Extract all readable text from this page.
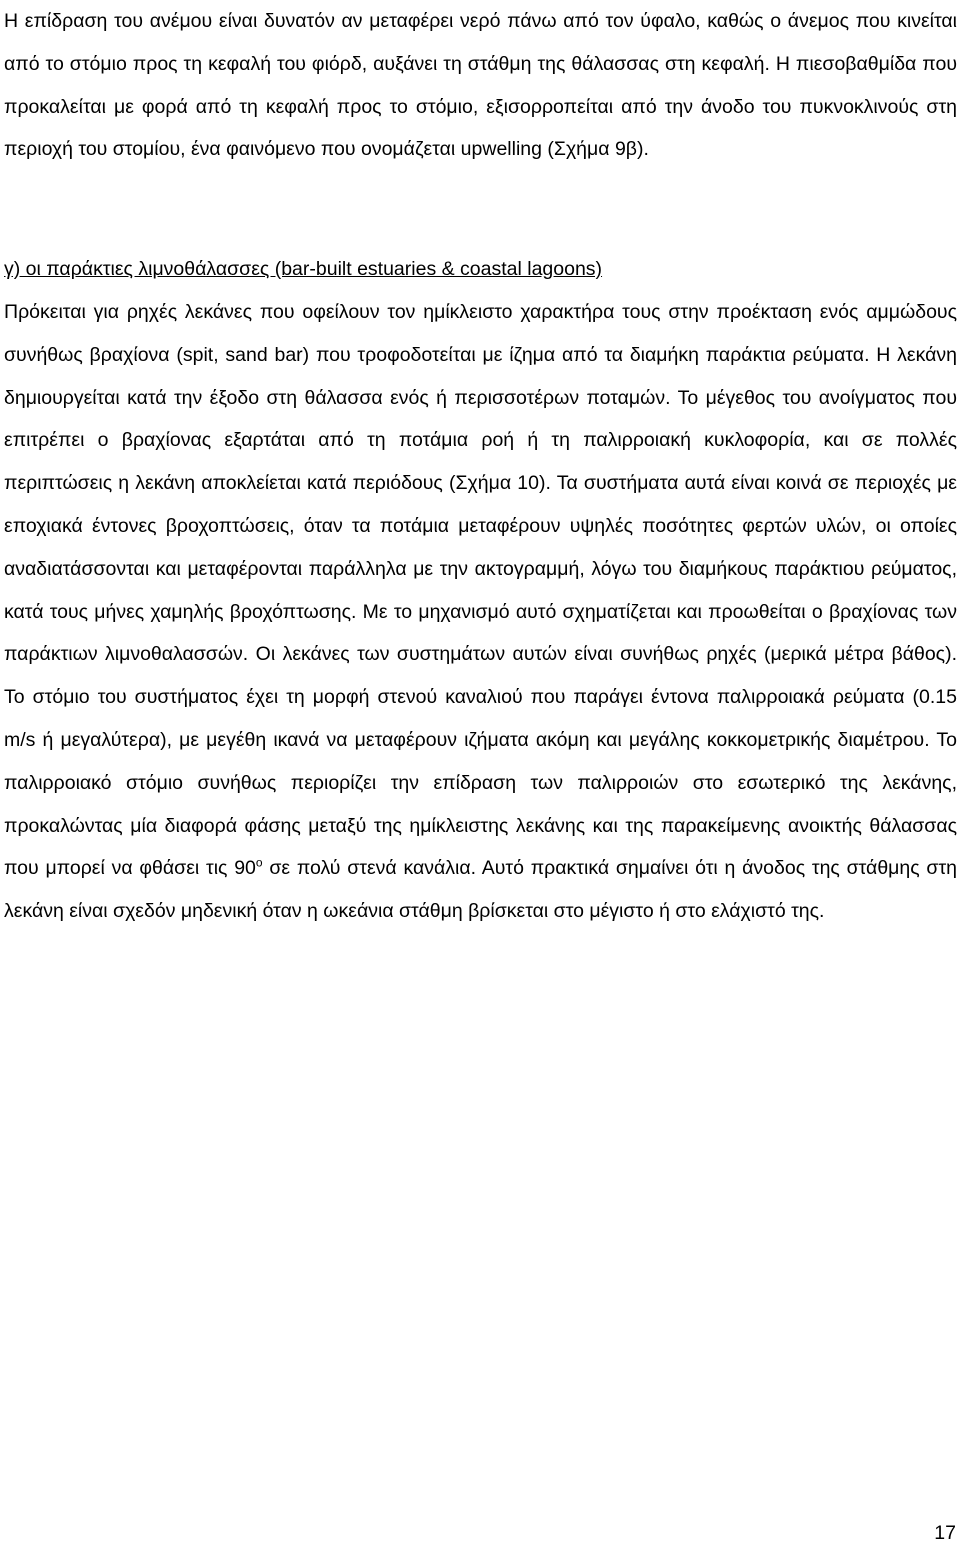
Η επίδραση του ανέμου είναι δυνατόν αν μεταφέρει νερό πάνω από τον ύφαλο, καθώς ο άνεμος που κινείται από το στόμιο προς τη κεφαλή του φιόρδ, αυξάνει τη στάθμη της θάλασσας στη κεφαλή. Η πιεσοβαθμίδα που προκαλείται με φορά από τη κεφαλή προς το στόμιο, εξισορροπείται από την άνοδο του πυκνοκλινούς στη περιοχή του στομίου, ένα φαινόμενο που ονομάζεται upwelling (Σχήμα 9β).

γ) οι παράκτιες λιμνοθάλασσες (bar-built estuaries & coastal lagoons)

Πρόκειται για ρηχές λεκάνες που οφείλουν τον ημίκλειστο χαρακτήρα τους στην προέκταση ενός αμμώδους συνήθως βραχίονα (spit, sand bar) που τροφοδοτείται με ίζημα από τα διαμήκη παράκτια ρεύματα. Η λεκάνη δημιουργείται κατά την έξοδο στη θάλασσα ενός ή περισσοτέρων ποταμών. Το μέγεθος του ανοίγματος που επιτρέπει ο βραχίονας εξαρτάται από τη ποτάμια ροή ή τη παλιρροιακή κυκλοφορία, και σε πολλές περιπτώσεις η λεκάνη αποκλείεται κατά περιόδους (Σχήμα 10). Τα συστήματα αυτά είναι κοινά σε περιοχές με εποχιακά έντονες βροχοπτώσεις, όταν τα ποτάμια μεταφέρουν υψηλές ποσότητες φερτών υλών, οι οποίες αναδιατάσσονται και μεταφέρονται παράλληλα με την ακτογραμμή, λόγω του διαμήκους παράκτιου ρεύματος, κατά τους μήνες χαμηλής βροχόπτωσης. Με το μηχανισμό αυτό σχηματίζεται και προωθείται ο βραχίονας των παράκτιων λιμνοθαλασσών. Οι λεκάνες των συστημάτων αυτών είναι συνήθως ρηχές (μερικά μέτρα βάθος). Το στόμιο του συστήματος έχει τη μορφή στενού καναλιού που παράγει έντονα παλιρροιακά ρεύματα (0.15 m/s ή μεγαλύτερα), με μεγέθη ικανά να μεταφέρουν ιζήματα ακόμη και μεγάλης κοκκομετρικής διαμέτρου. Το παλιρροιακό στόμιο συνήθως περιορίζει την επίδραση των παλιρροιών στο εσωτερικό της λεκάνης, προκαλώντας μία διαφορά φάσης μεταξύ της ημίκλειστης λεκάνης και της παρακείμενης ανοικτής θάλασσας που μπορεί να φθάσει τις $90^o$ σε πολύ στενά κανάλια. Αυτό πρακτικά σημαίνει ότι η άνοδος της στάθμης στη λεκάνη είναι σχεδόν μηδενική όταν η ωκεάνια στάθμη βρίσκεται στο μέγιστο ή στο ελάχιστό της.

17
